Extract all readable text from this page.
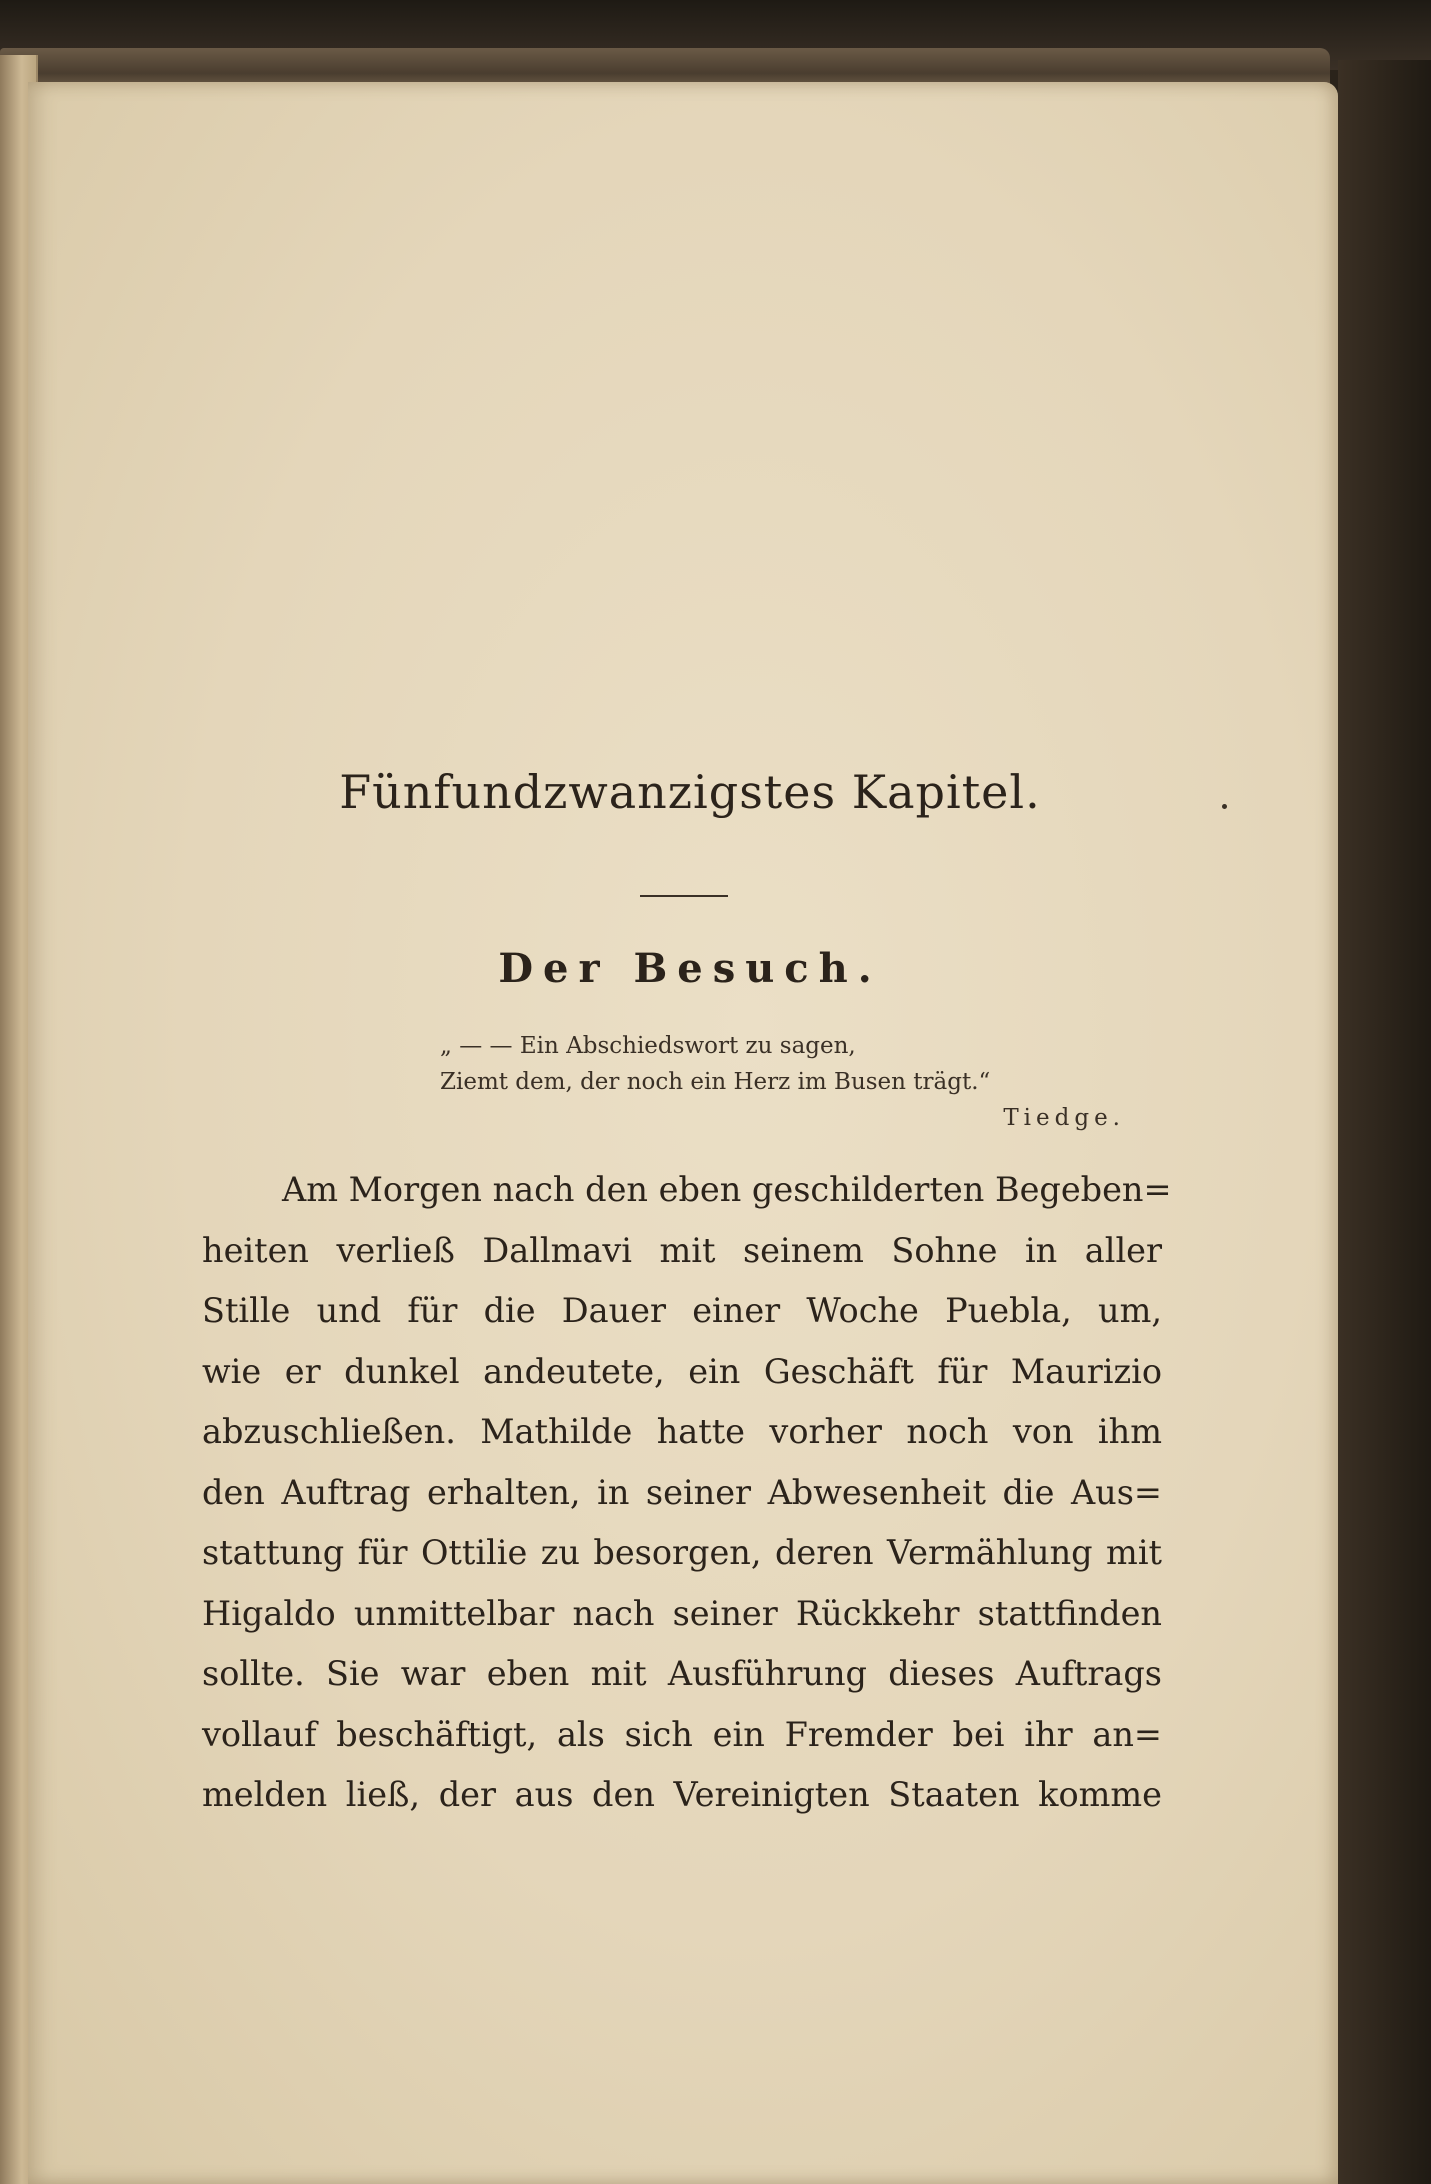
Fünfundzwanzigstes Kapitel.
Der Besuch.
„ — — Ein Abschiedswort zu sagen,
Ziemt dem, der noch ein Herz im Busen trägt.“
Tiedge.
Am Morgen nach den eben geschilderten Begeben=
heiten verließ Dallmavi mit seinem Sohne in aller
Stille und für die Dauer einer Woche Puebla, um,
wie er dunkel andeutete, ein Geschäft für Maurizio
abzuschließen. Mathilde hatte vorher noch von ihm
den Auftrag erhalten, in seiner Abwesenheit die Aus=
stattung für Ottilie zu besorgen, deren Vermählung mit
Higaldo unmittelbar nach seiner Rückkehr stattfinden
sollte. Sie war eben mit Ausführung dieses Auftrags
vollauf beschäftigt, als sich ein Fremder bei ihr an=
melden ließ, der aus den Vereinigten Staaten komme
